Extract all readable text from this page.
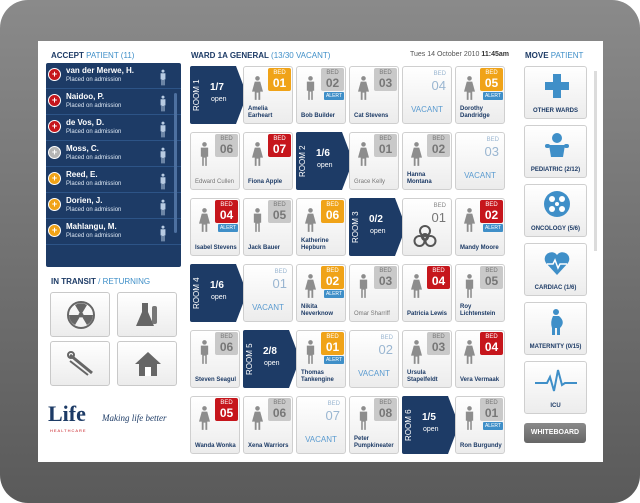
ACCEPT PATIENT (11)
+	van der Merwe, H.
Placed on admission
+	Naidoo, P.
Placed on admission
+	de Vos, D.
Placed on admission
+	Moss, C.
Placed on admission
+	Reed, E.
Placed on admission
+	Dorien, J.
Placed on admission
+	Mahlangu, M.
Placed on admission
IN TRANSIT / RETURNING
Life
HEALTHCARE
Making life better
WARD 1A GENERAL (13/30 VACANT)	Tues 14 October 2010 11:45am
ROOM 1 1/7
open
BED
01
Amelia Earheart
BED
02
Bob Builder
ALERT
BED
03
Cat Stevens
BED
04
VACANT
BED
05
Dorothy Dandridge
ALERT
BED
06
Edward Cullen
BED
07
Fiona Apple
ROOM 2 1/6
open
BED
01
Grace Kelly
BED
02
Hanna Montana
BED
03
VACANT
BED
04
Isabel Stevens
ALERT
BED
05
Jack Bauer
BED
06
Katherine Hepburn
ROOM 3 0/2
open
BED
01
BED
02
Mandy Moore
ALERT
ROOM 4 1/6
open
BED
01
VACANT
BED
02
Nikita Neverknow
ALERT
BED
03
Omar Sharriff
BED
04
Patricia Lewis
BED
05
Roy Lichtenstein
BED
06
Steven Seagul
ROOM 5 2/8
open
BED
01
Thomas Tankengine
ALERT
BED
02
VACANT
BED
03
Ursula Stapelfeldt
BED
04
Vera Vermaak
BED
05
Wanda Wonka
BED
06
Xena Warriors
BED
07
VACANT
BED
08
Peter Pumpkineater
ROOM 6 1/5
open
BED
01
Ron Burgundy
ALERT
MOVE PATIENT
OTHER WARDS
PEDIATRIC (2/12)
ONCOLOGY (5/6)
CARDIAC (1/6)
MATERNITY (0/15)
ICU
WHITEBOARD
